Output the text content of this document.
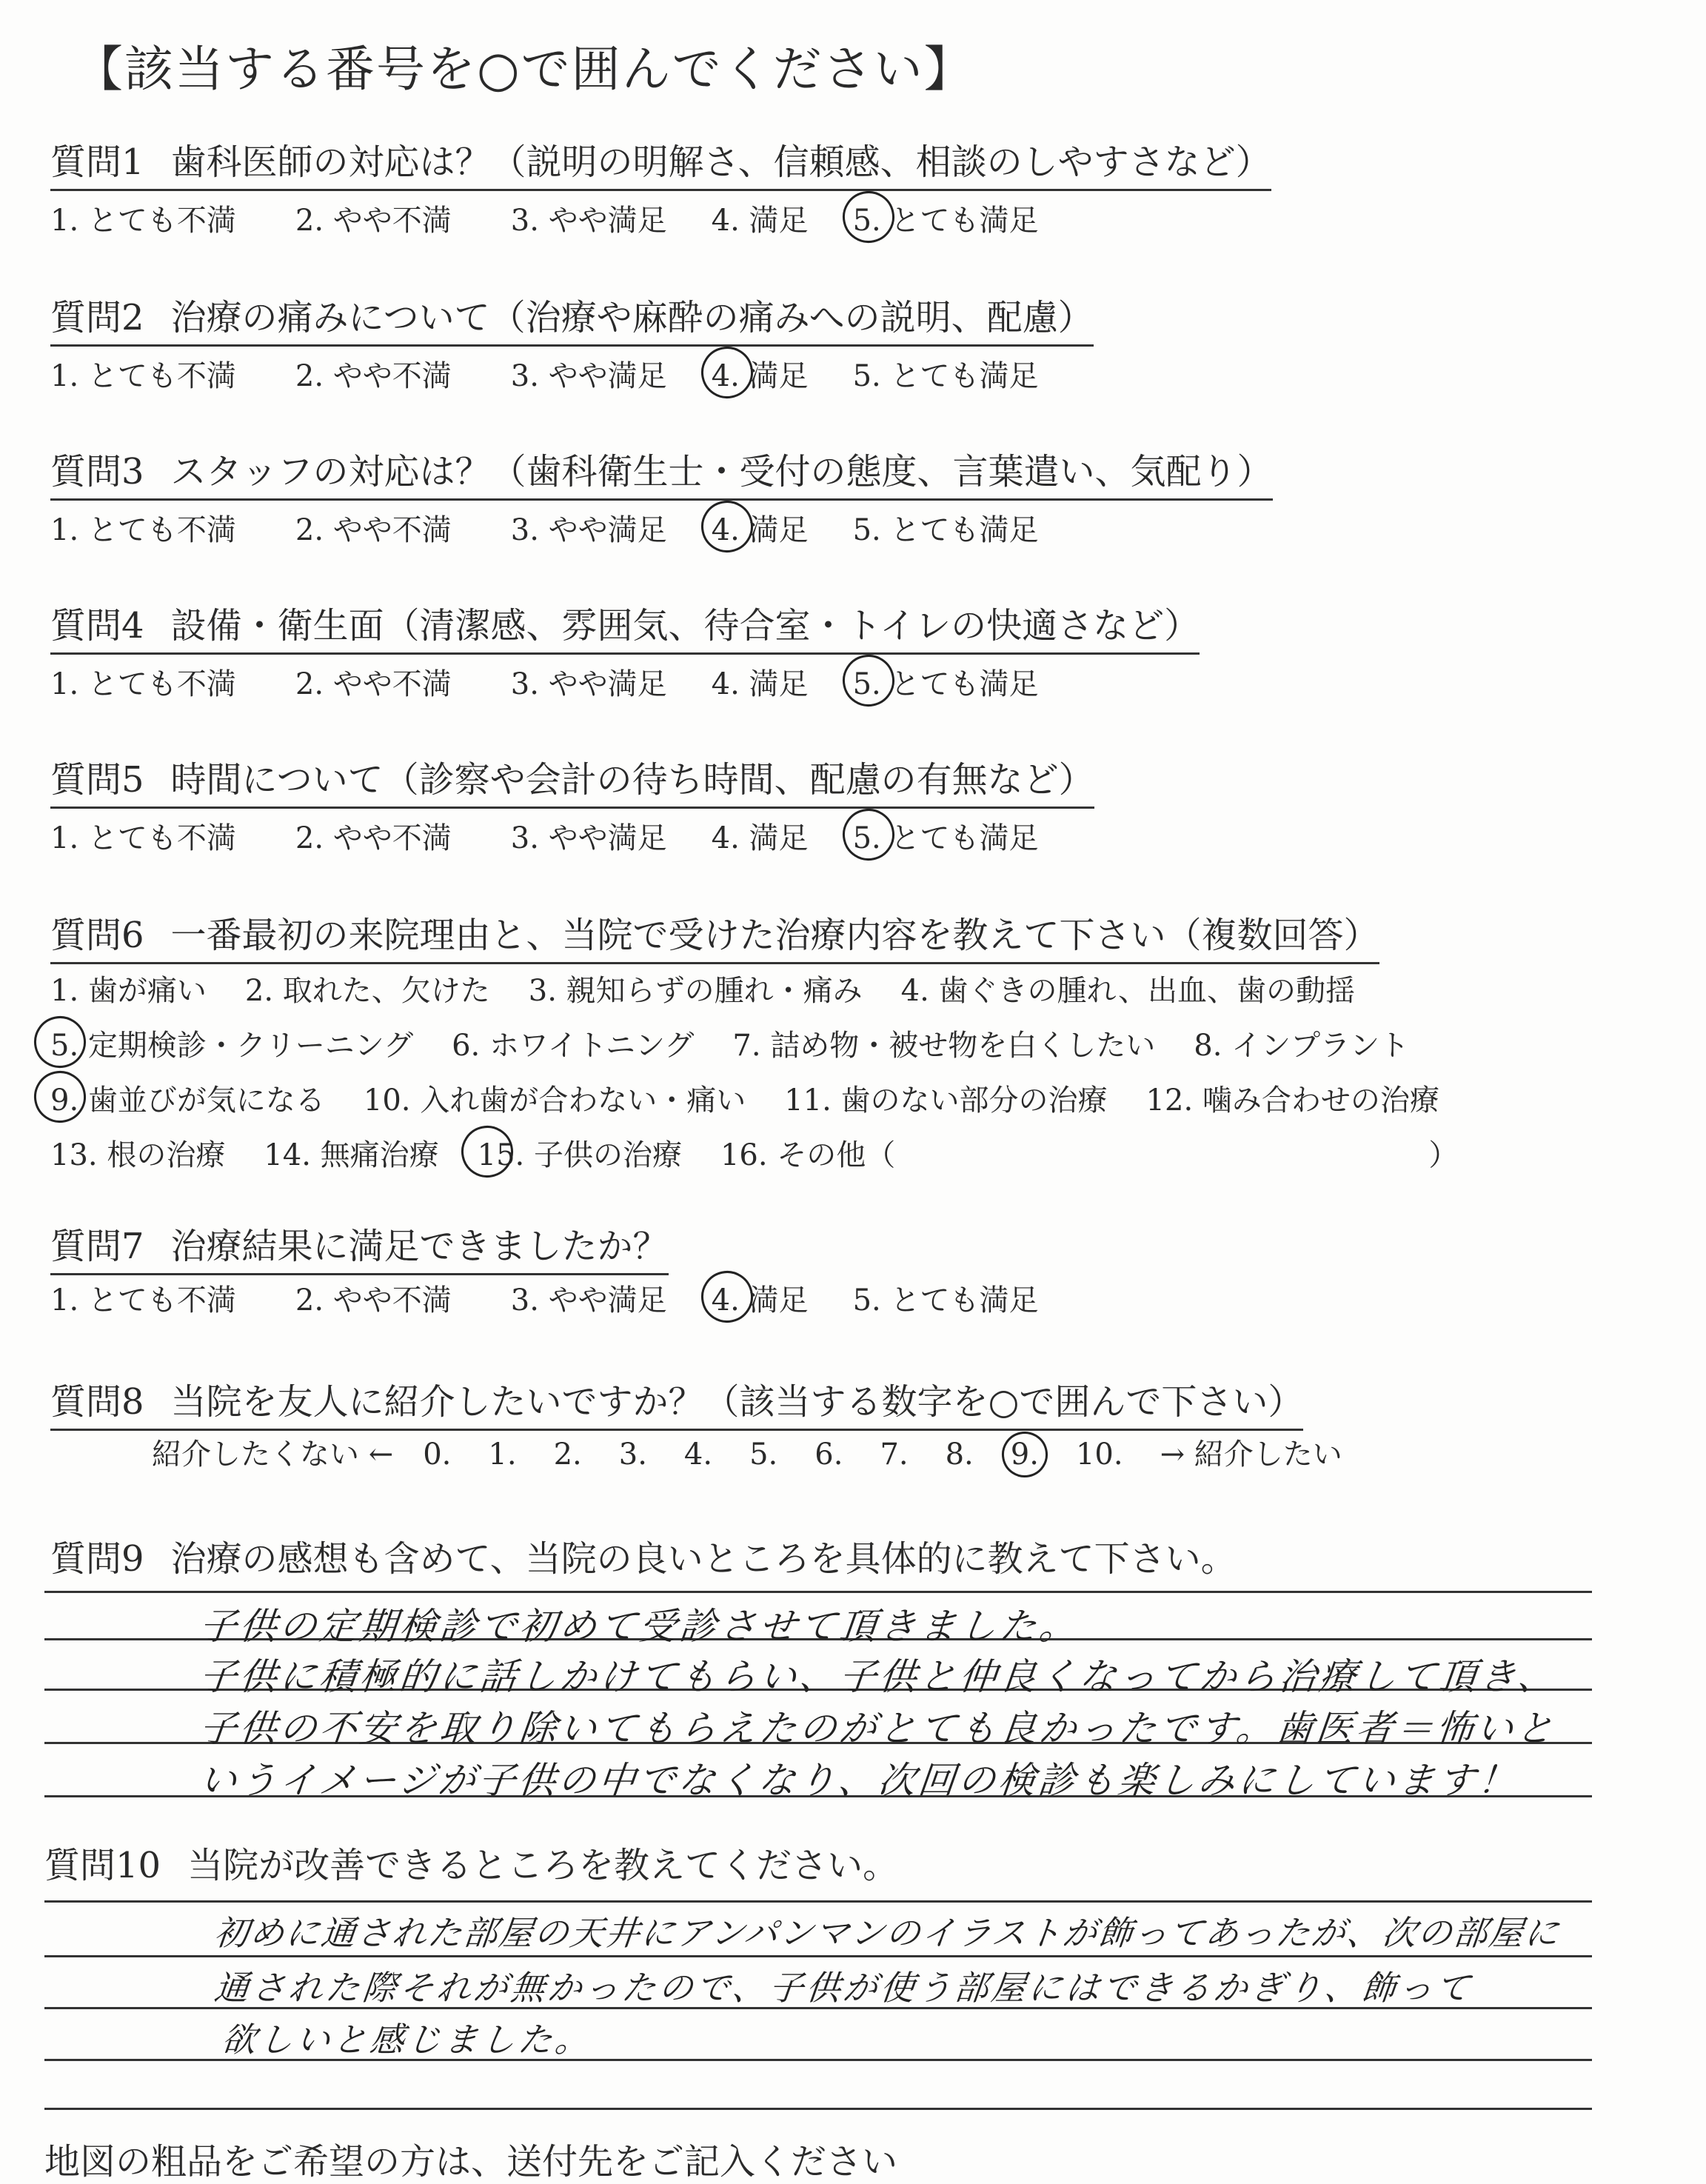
【該当する番号を○で囲んでください】
質問1 歯科医師の対応は？（説明の明解さ、信頼感、相談のしやすさなど）
1. とても不満 2. やや不満 3. やや満足 4. 満足 5. とても満足
質問2 治療の痛みについて（治療や麻酔の痛みへの説明、配慮）
1. とても不満 2. やや不満 3. やや満足 4. 満足 5. とても満足
質問3 スタッフの対応は？（歯科衛生士・受付の態度、言葉遣い、気配り）
1. とても不満 2. やや不満 3. やや満足 4. 満足 5. とても満足
質問4 設備・衛生面（清潔感、雰囲気、待合室・トイレの快適さなど）
1. とても不満 2. やや不満 3. やや満足 4. 満足 5. とても満足
質問5 時間について（診察や会計の待ち時間、配慮の有無など）
1. とても不満 2. やや不満 3. やや満足 4. 満足 5. とても満足
質問6 一番最初の来院理由と、当院で受けた治療内容を教えて下さい（複数回答）
1. 歯が痛い 2. 取れた、欠けた 3. 親知らずの腫れ・痛み 4. 歯ぐきの腫れ、出血、歯の動揺
5. 定期検診・クリーニング 6. ホワイトニング 7. 詰め物・被せ物を白くしたい 8. インプラント
9. 歯並びが気になる 10. 入れ歯が合わない・痛い 11. 歯のない部分の治療 12. 噛み合わせの治療
13. 根の治療 14. 無痛治療 15. 子供の治療 16. その他（	）
質問7 治療結果に満足できましたか？
1. とても不満 2. やや不満 3. やや満足 4. 満足 5. とても満足
質問8 当院を友人に紹介したいですか？（該当する数字を○で囲んで下さい）
紹介したくない ← 0. 1. 2. 3. 4. 5. 6. 7. 8. 9. 10. → 紹介したい
質問9 治療の感想も含めて、当院の良いところを具体的に教えて下さい。
子供の定期検診で初めて受診させて頂きました。
子供に積極的に話しかけてもらい、子供と仲良くなってから治療して頂き、
子供の不安を取り除いてもらえたのがとても良かったです。歯医者＝怖いと
いうイメージが子供の中でなくなり、次回の検診も楽しみにしています！
質問10 当院が改善できるところを教えてください。
初めに通された部屋の天井にアンパンマンのイラストが飾ってあったが、次の部屋に
通された際それが無かったので、子供が使う部屋にはできるかぎり、飾って
欲しいと感じました。
地図の粗品をご希望の方は、送付先をご記入ください
